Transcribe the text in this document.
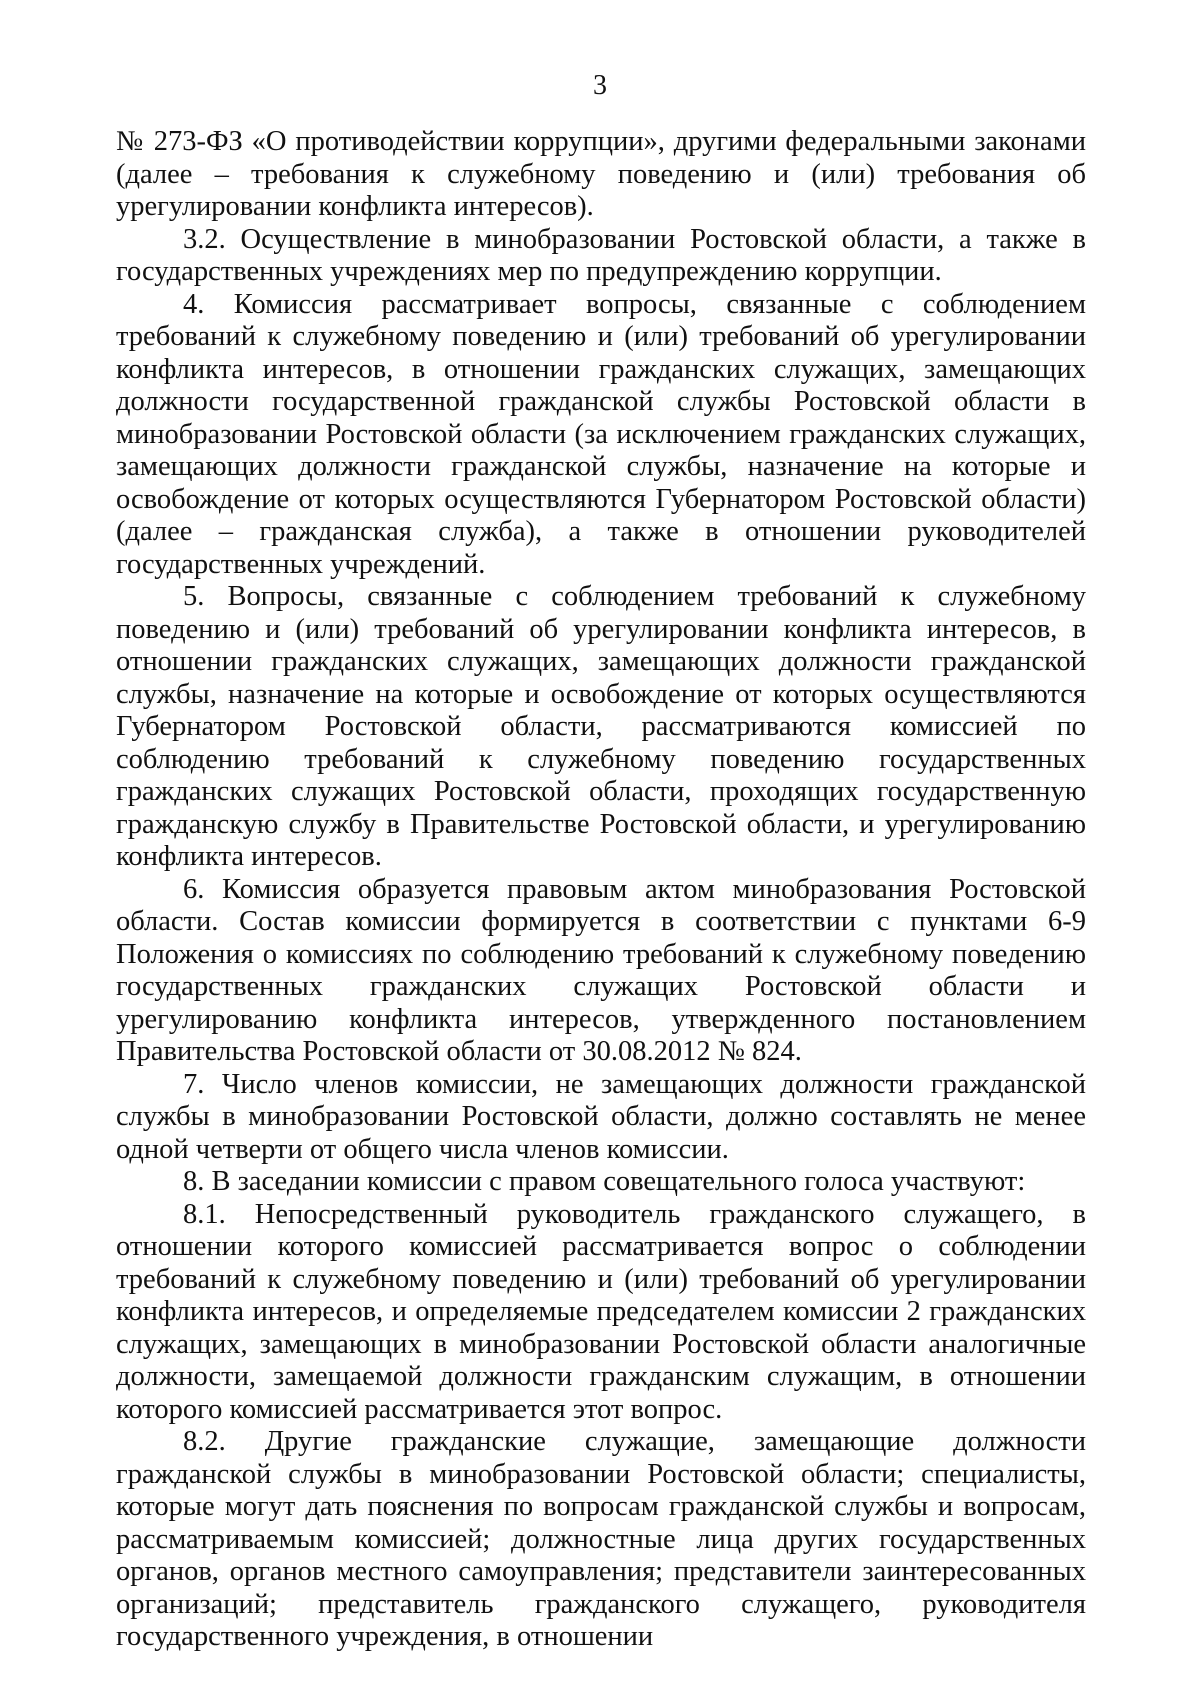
3

№ 273-ФЗ «О противодействии коррупции», другими федеральными законами (далее – требования к служебному поведению и (или) требования об урегулировании конфликта интересов).

3.2. Осуществление в минобразовании Ростовской области, а также в государственных учреждениях мер по предупреждению коррупции.

4. Комиссия рассматривает вопросы, связанные с соблюдением требований к служебному поведению и (или) требований об урегулировании конфликта интересов, в отношении гражданских служащих, замещающих должности государственной гражданской службы Ростовской области в минобразовании Ростовской области (за исключением гражданских служащих, замещающих должности гражданской службы, назначение на которые и освобождение от которых осуществляются Губернатором Ростовской области) (далее – гражданская служба), а также в отношении руководителей государственных учреждений.

5. Вопросы, связанные с соблюдением требований к служебному поведению и (или) требований об урегулировании конфликта интересов, в отношении гражданских служащих, замещающих должности гражданской службы, назначение на которые и освобождение от которых осуществляются Губернатором Ростовской области, рассматриваются комиссией по соблюдению требований к служебному поведению государственных гражданских служащих Ростовской области, проходящих государственную гражданскую службу в Правительстве Ростовской области, и урегулированию конфликта интересов.

6. Комиссия образуется правовым актом минобразования Ростовской области. Состав комиссии формируется в соответствии с пунктами 6-9 Положения о комиссиях по соблюдению требований к служебному поведению государственных гражданских служащих Ростовской области и урегулированию конфликта интересов, утвержденного постановлением Правительства Ростовской области от 30.08.2012 № 824.

7. Число членов комиссии, не замещающих должности гражданской службы в минобразовании Ростовской области, должно составлять не менее одной четверти от общего числа членов комиссии.

8. В заседании комиссии с правом совещательного голоса участвуют:

8.1. Непосредственный руководитель гражданского служащего, в отношении которого комиссией рассматривается вопрос о соблюдении требований к служебному поведению и (или) требований об урегулировании конфликта интересов, и определяемые председателем комиссии 2 гражданских служащих, замещающих в минобразовании Ростовской области аналогичные должности, замещаемой должности гражданским служащим, в отношении которого комиссией рассматривается этот вопрос.

8.2. Другие гражданские служащие, замещающие должности гражданской службы в минобразовании Ростовской области; специалисты, которые могут дать пояснения по вопросам гражданской службы и вопросам, рассматриваемым комиссией; должностные лица других государственных органов, органов местного самоуправления; представители заинтересованных организаций; представитель гражданского служащего, руководителя государственного учреждения, в отношении
